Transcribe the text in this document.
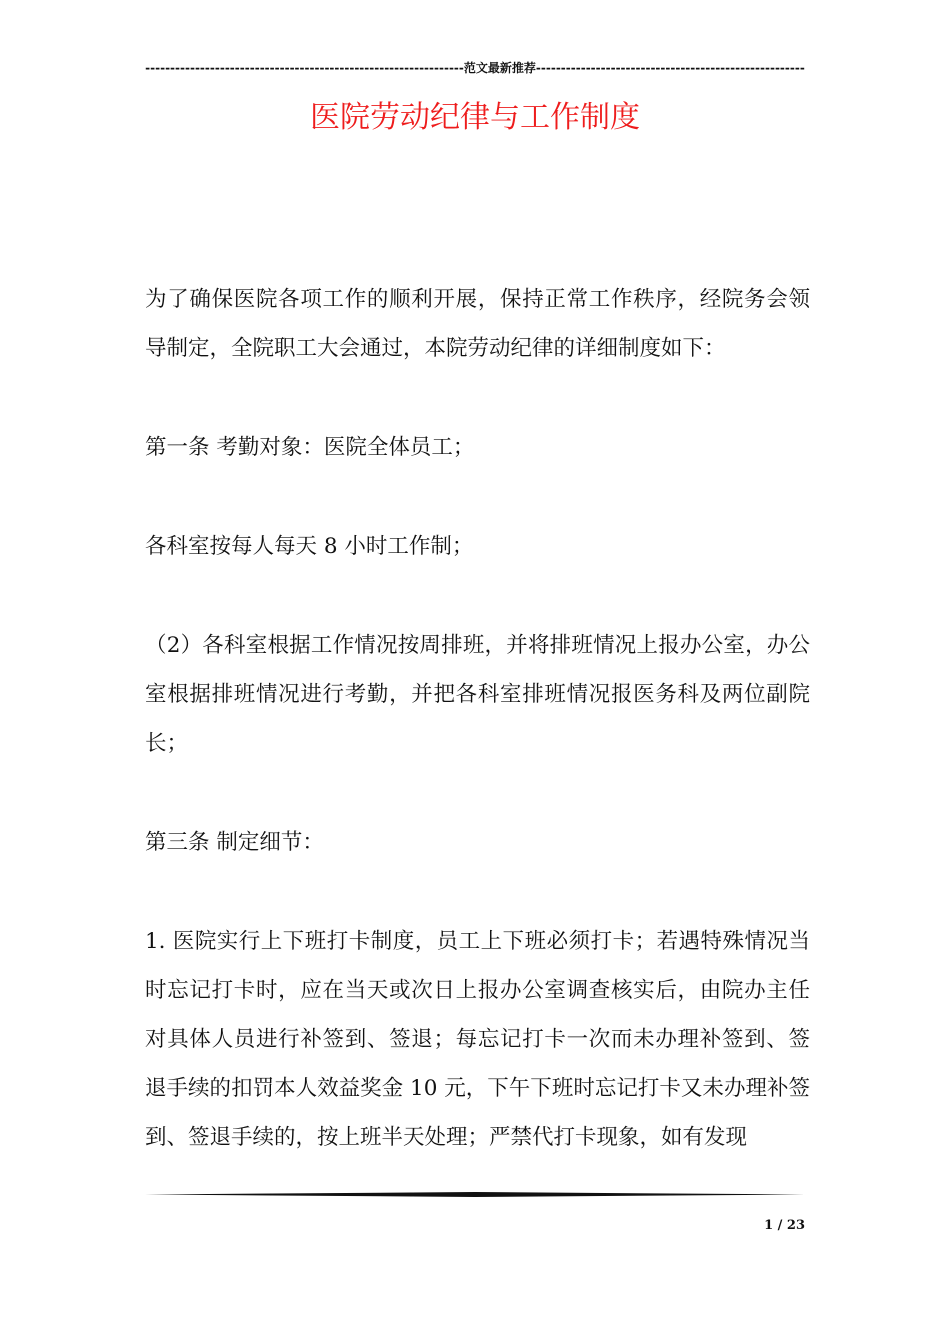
----------------------------------------------------------------范文最新推荐------------------------------------------------------
医院劳动纪律与工作制度

为了确保医院各项工作的顺利开展，保持正常工作秩序，经院务会领导制定，全院职工大会通过，本院劳动纪律的详细制度如下：

第一条 考勤对象：医院全体员工；

各科室按每人每天 8 小时工作制；

（2）各科室根据工作情况按周排班，并将排班情况上报办公室，办公室根据排班情况进行考勤，并把各科室排班情况报医务科及两位副院长；

第三条 制定细节：

1. 医院实行上下班打卡制度，员工上下班必须打卡；若遇特殊情况当时忘记打卡时，应在当天或次日上报办公室调查核实后，由院办主任对具体人员进行补签到、签退；每忘记打卡一次而未办理补签到、签退手续的扣罚本人效益奖金 10 元，下午下班时忘记打卡又未办理补签到、签退手续的，按上班半天处理；严禁代打卡现象，如有发现

1 / 23
